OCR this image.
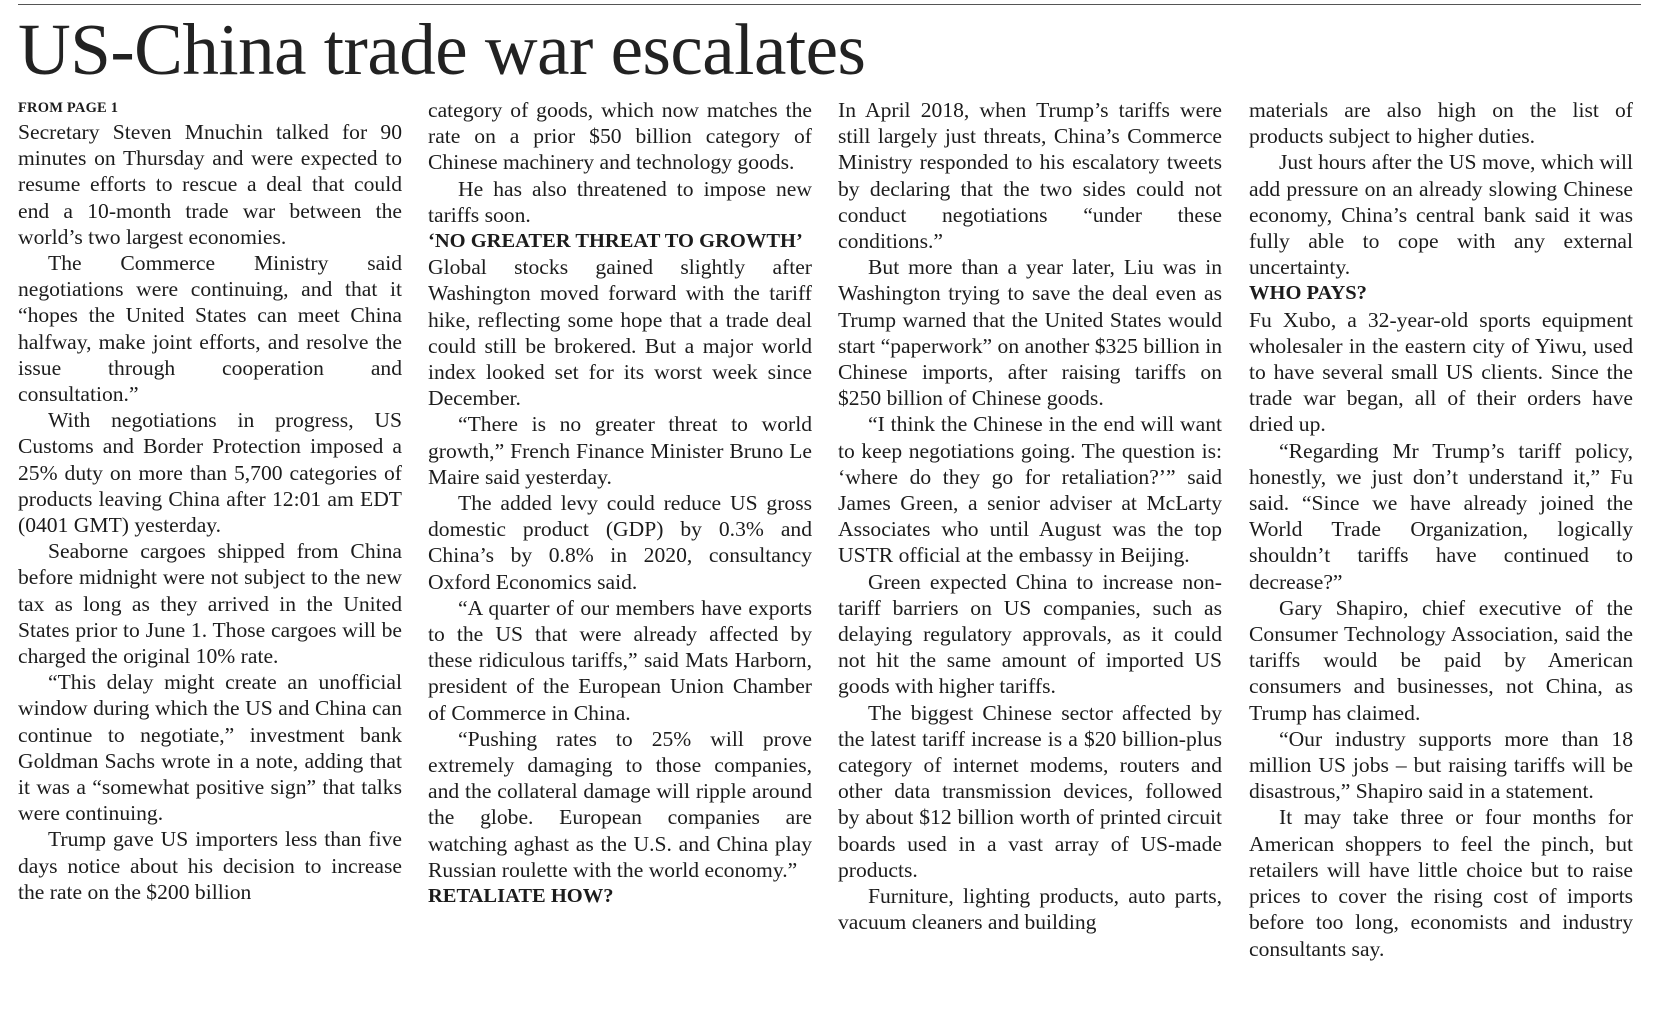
US-China trade war escalates

FROM PAGE 1

Secretary Steven Mnuchin talked for 90 minutes on Thursday and were expected to resume efforts to rescue a deal that could end a 10-month trade war between the world’s two largest economies.

The Commerce Ministry said negotiations were continuing, and that it “hopes the United States can meet China halfway, make joint efforts, and resolve the issue through cooperation and consultation.”

With negotiations in progress, US Customs and Border Protection imposed a 25% duty on more than 5,700 categories of products leaving China after 12:01 am EDT (0401 GMT) yesterday.

Seaborne cargoes shipped from China before midnight were not subject to the new tax as long as they arrived in the United States prior to June 1. Those cargoes will be charged the original 10% rate.

“This delay might create an unofficial window during which the US and China can continue to negotiate,” investment bank Goldman Sachs wrote in a note, adding that it was a “somewhat positive sign” that talks were continuing.

Trump gave US importers less than five days notice about his decision to increase the rate on the $200 billion

category of goods, which now matches the rate on a prior $50 billion category of Chinese machinery and technology goods.

He has also threatened to impose new tariffs soon.

‘NO GREATER THREAT TO GROWTH’

Global stocks gained slightly after Washington moved forward with the tariff hike, reflecting some hope that a trade deal could still be brokered. But a major world index looked set for its worst week since December.

“There is no greater threat to world growth,” French Finance Minister Bruno Le Maire said yesterday.

The added levy could reduce US gross domestic product (GDP) by 0.3% and China’s by 0.8% in 2020, consultancy Oxford Economics said.

“A quarter of our members have exports to the US that were already affected by these ridiculous tariffs,” said Mats Harborn, president of the European Union Chamber of Commerce in China.

“Pushing rates to 25% will prove extremely damaging to those companies, and the collateral damage will ripple around the globe. European companies are watching aghast as the U.S. and China play Russian roulette with the world economy.”

RETALIATE HOW?

In April 2018, when Trump’s tariffs were still largely just threats, China’s Commerce Ministry responded to his escalatory tweets by declaring that the two sides could not conduct negotiations “under these conditions.”

But more than a year later, Liu was in Washington trying to save the deal even as Trump warned that the United States would start “paperwork” on another $325 billion in Chinese imports, after raising tariffs on $250 billion of Chinese goods.

“I think the Chinese in the end will want to keep negotiations going. The question is: ‘where do they go for retaliation?’” said James Green, a senior adviser at McLarty Associates who until August was the top USTR official at the embassy in Beijing.

Green expected China to increase non-tariff barriers on US companies, such as delaying regulatory approvals, as it could not hit the same amount of imported US goods with higher tariffs.

The biggest Chinese sector affected by the latest tariff increase is a $20 billion-plus category of internet modems, routers and other data transmission devices, followed by about $12 billion worth of printed circuit boards used in a vast array of US-made products.

Furniture, lighting products, auto parts, vacuum cleaners and building

materials are also high on the list of products subject to higher duties.

Just hours after the US move, which will add pressure on an already slowing Chinese economy, China’s central bank said it was fully able to cope with any external uncertainty.

WHO PAYS?

Fu Xubo, a 32-year-old sports equipment wholesaler in the eastern city of Yiwu, used to have several small US clients. Since the trade war began, all of their orders have dried up.

“Regarding Mr Trump’s tariff policy, honestly, we just don’t understand it,” Fu said. “Since we have already joined the World Trade Organization, logically shouldn’t tariffs have continued to decrease?”

Gary Shapiro, chief executive of the Consumer Technology Association, said the tariffs would be paid by American consumers and businesses, not China, as Trump has claimed.

“Our industry supports more than 18 million US jobs – but raising tariffs will be disastrous,” Shapiro said in a statement.

It may take three or four months for American shoppers to feel the pinch, but retailers will have little choice but to raise prices to cover the rising cost of imports before too long, economists and industry consultants say.
